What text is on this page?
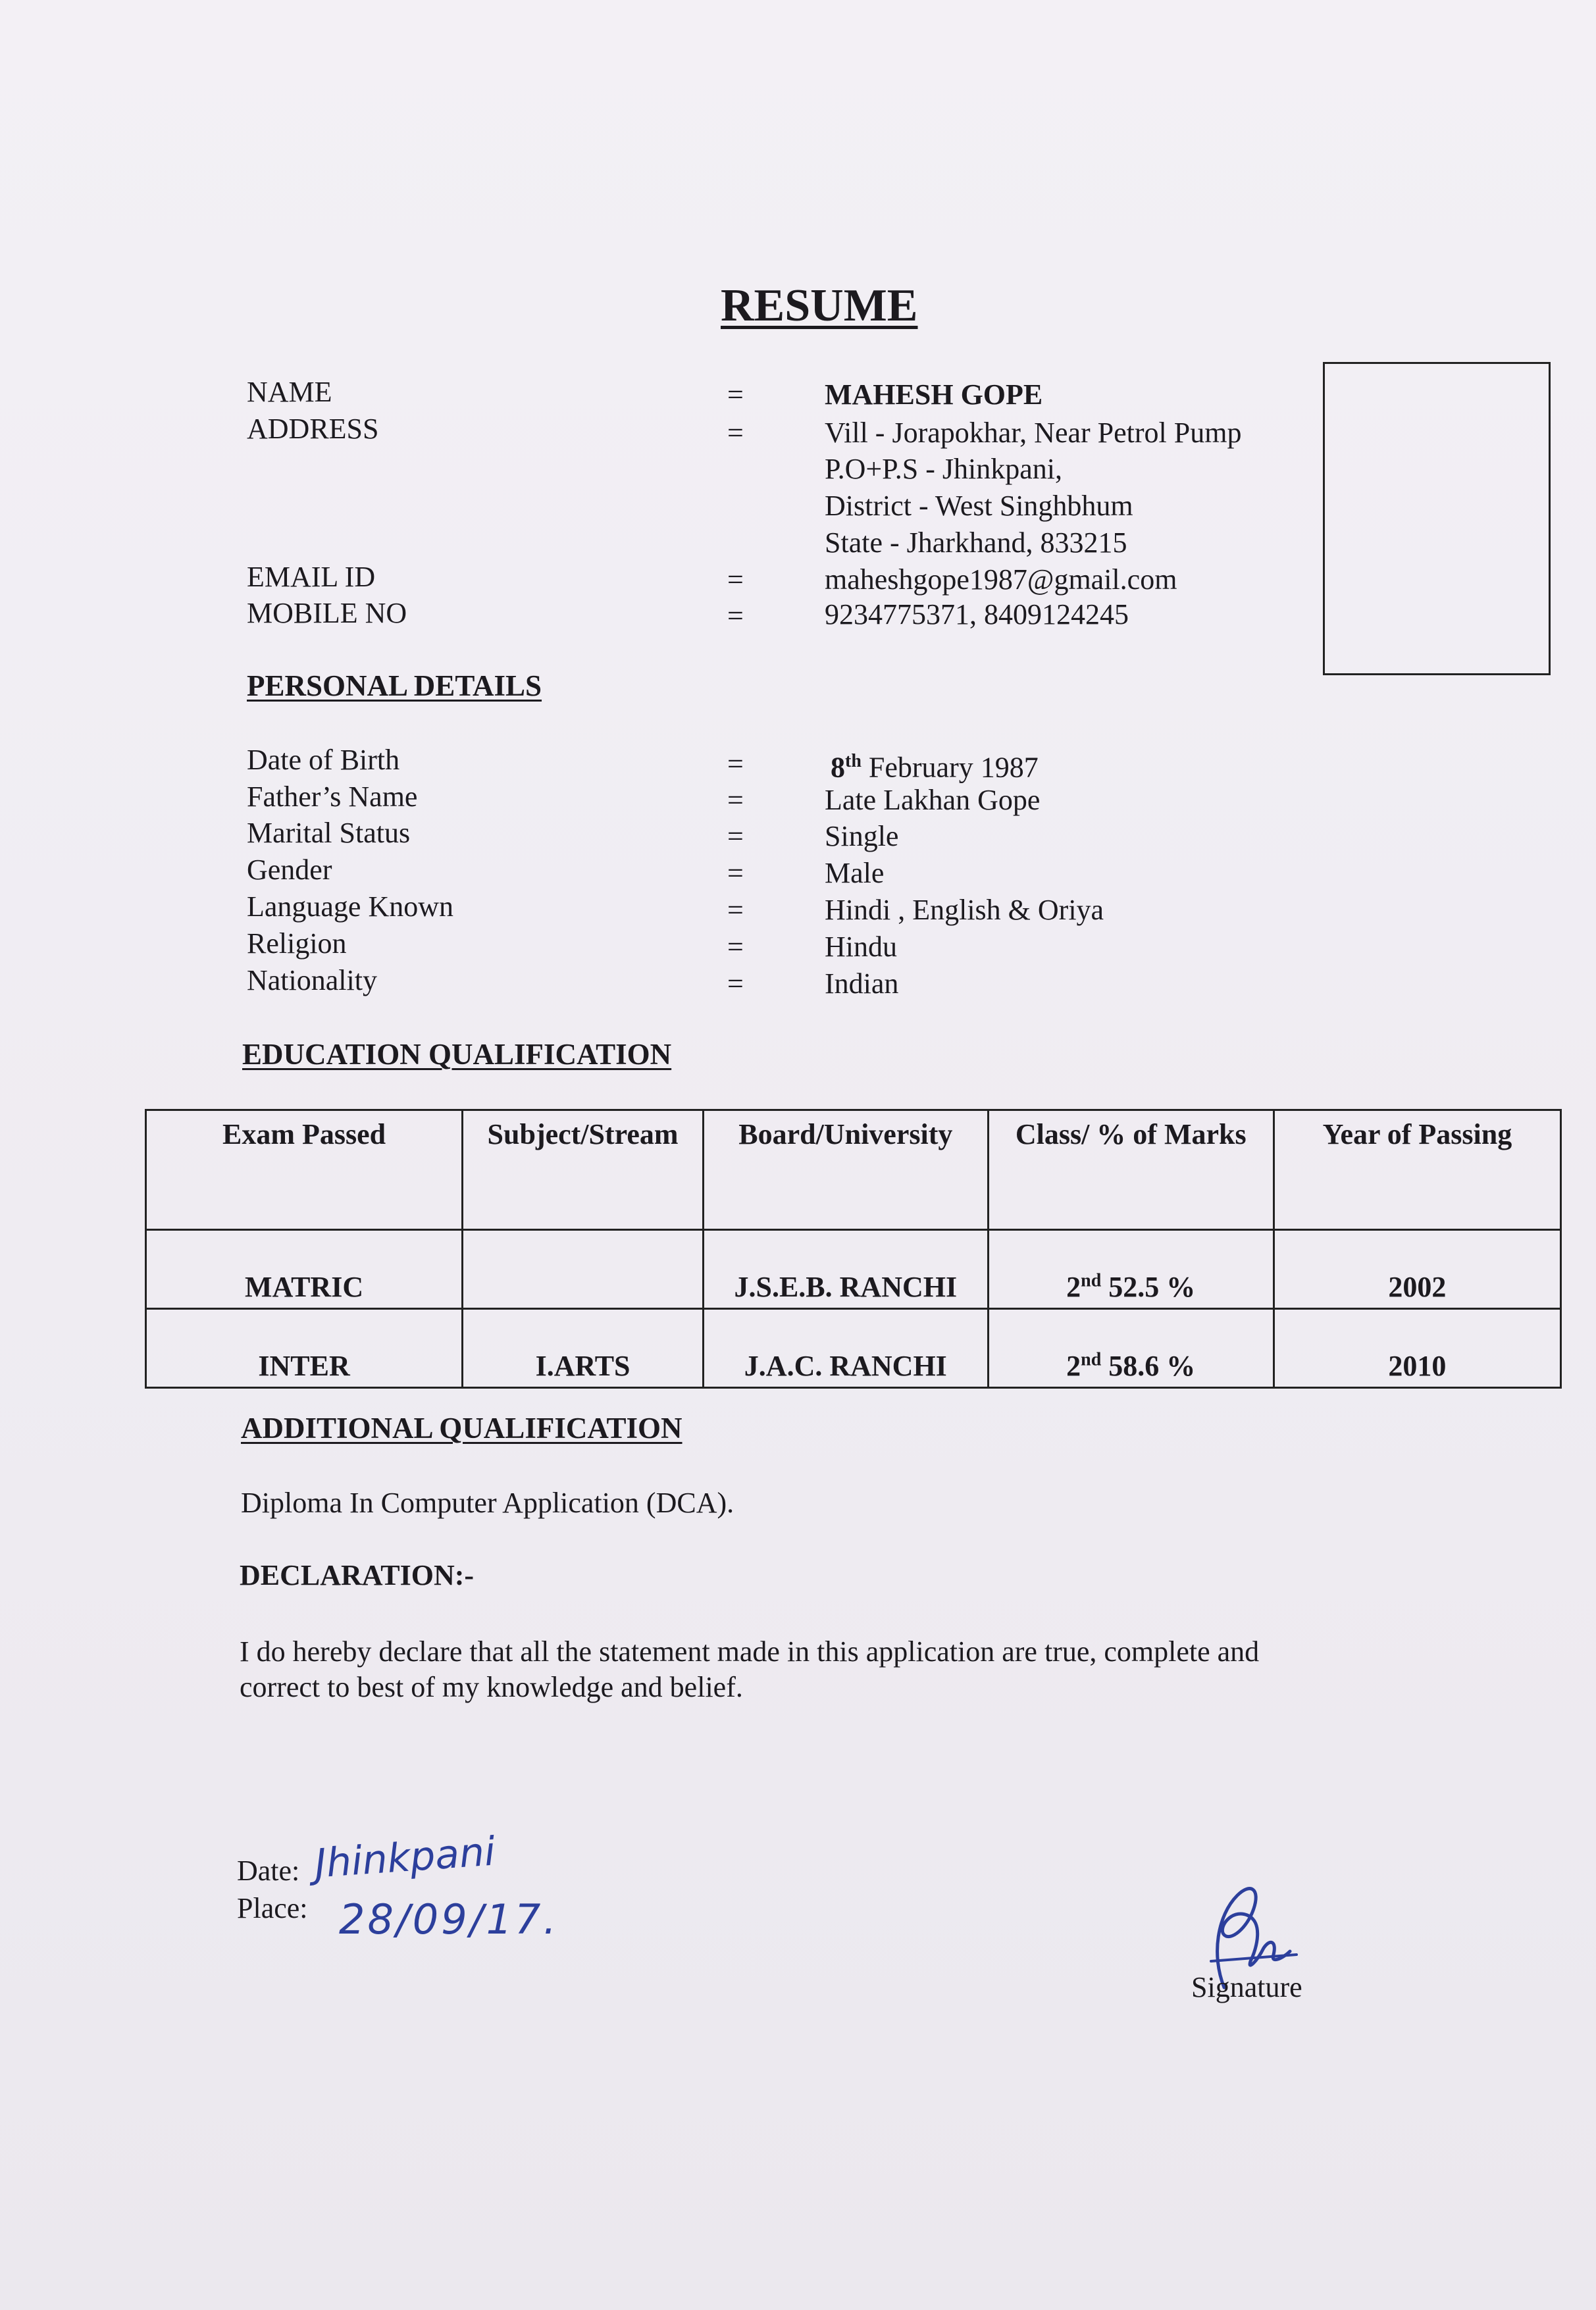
RESUME
NAME	=	MAHESH GOPE
ADDRESS	=	Vill - Jorapokhar, Near Petrol Pump
P.O+P.S - Jhinkpani,
District - West Singhbhum
State - Jharkhand, 833215
EMAIL ID	=	maheshgope1987@gmail.com
MOBILE NO	=	9234775371, 8409124245
PERSONAL DETAILS
Date of Birth	=	8th February 1987
Father’s Name	=	Late Lakhan Gope
Marital Status	=	Single
Gender	=	Male
Language Known	=	Hindi , English & Oriya
Religion	=	Hindu
Nationality	=	Indian
EDUCATION QUALIFICATION
Exam Passed	Subject/Stream	Board/University	Class/ % of Marks	Year of Passing
MATRIC		J.S.E.B. RANCHI	2nd 52.5 %	2002
INTER	I.ARTS	J.A.C. RANCHI	2nd 58.6 %	2010
ADDITIONAL QUALIFICATION
Diploma In Computer Application (DCA).
DECLARATION:-
I do hereby declare that all the statement made in this application are true, complete and
correct to best of my knowledge and belief.
Date:
Place:
Jhinkpani
28/09/17.
Signature
